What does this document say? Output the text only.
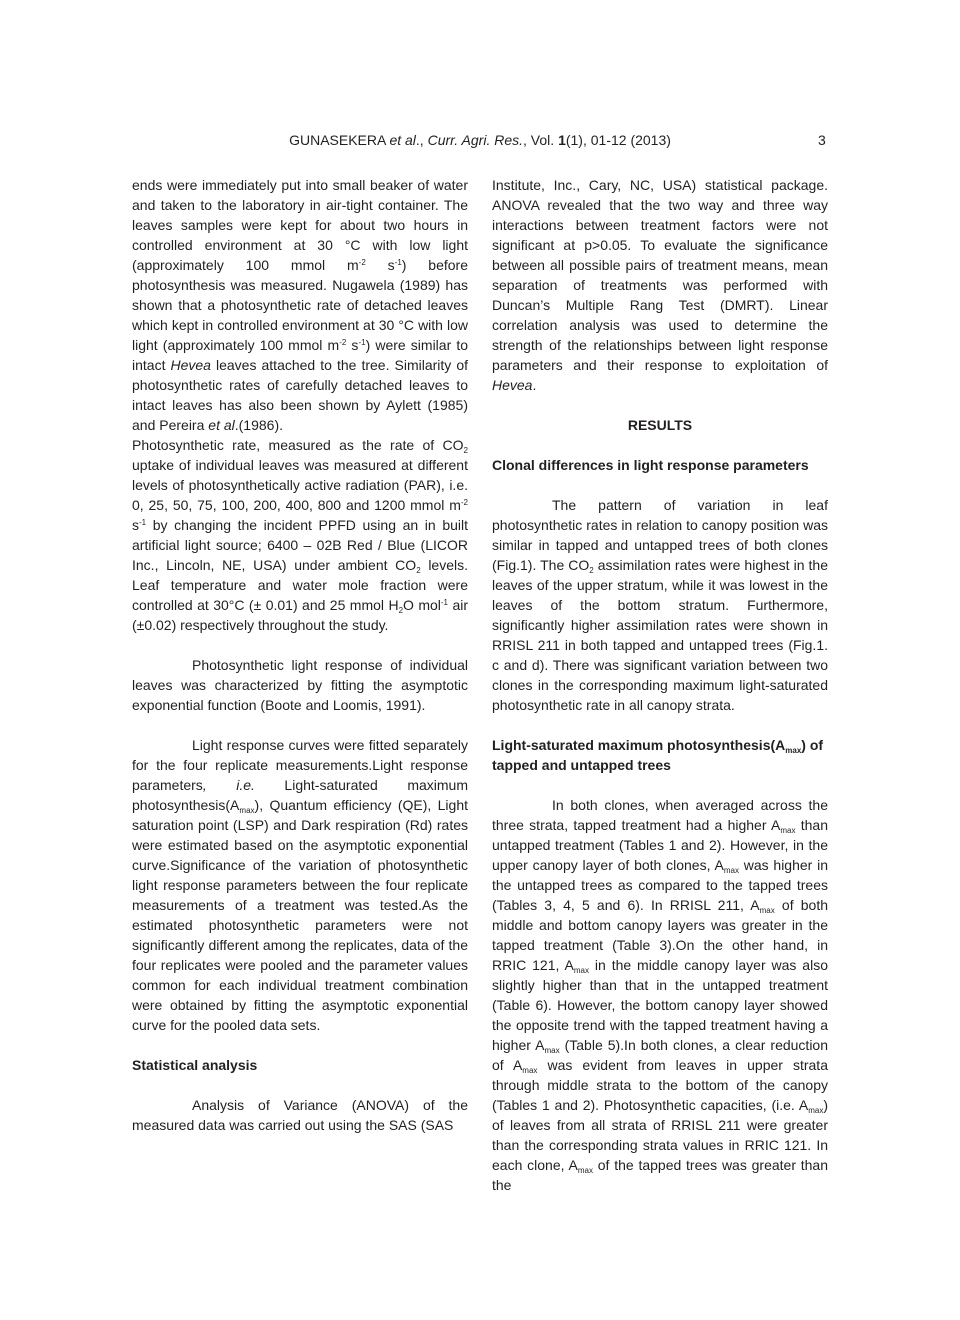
GUNASEKERA et al., Curr. Agri. Res., Vol. 1(1), 01-12 (2013)	3
ends were immediately put into small beaker of water and taken to the laboratory in air-tight container. The leaves samples were kept for about two hours in controlled environment at 30 °C with low light (approximately 100 mmol $m^{-2}$ $s^{-1}$) before photosynthesis was measured. Nugawela (1989) has shown that a photosynthetic rate of detached leaves which kept in controlled environment at 30 °C with low light (approximately 100 mmol $m^{-2}$ $s^{-1}$) were similar to intact Hevea leaves attached to the tree. Similarity of photosynthetic rates of carefully detached leaves to intact leaves has also been shown by Aylett (1985) and Pereira et al.(1986).
Photosynthetic rate, measured as the rate of $CO_2$ uptake of individual leaves was measured at different levels of photosynthetically active radiation (PAR), i.e. 0, 25, 50, 75, 100, 200, 400, 800 and 1200 mmol $m^{-2}$ $s^{-1}$ by changing the incident PPFD using an in built artificial light source; 6400 – 02B Red / Blue (LICOR Inc., Lincoln, NE, USA) under ambient $CO_2$ levels. Leaf temperature and water mole fraction were controlled at 30°C (± 0.01) and 25 mmol $H_2O$ mol$^{-1}$ air (±0.02) respectively throughout the study.
Photosynthetic light response of individual leaves was characterized by fitting the asymptotic exponential function (Boote and Loomis, 1991).
Light response curves were fitted separately for the four replicate measurements.Light response parameters, i.e. Light-saturated maximum $photosynthesis(A_{max})$, Quantum efficiency (QE), Light saturation point (LSP) and Dark respiration (Rd) rates were estimated based on the asymptotic exponential curve.Significance of the variation of photosynthetic light response parameters between the four replicate measurements of a treatment was tested.As the estimated photosynthetic parameters were not significantly different among the replicates, data of the four replicates were pooled and the parameter values common for each individual treatment combination were obtained by fitting the asymptotic exponential curve for the pooled data sets.
Statistical analysis
Analysis of Variance (ANOVA) of the measured data was carried out using the SAS (SAS
Institute, Inc., Cary, NC, USA) statistical package. ANOVA revealed that the two way and three way interactions between treatment factors were not significant at p>0.05. To evaluate the significance between all possible pairs of treatment means, mean separation of treatments was performed with Duncan’s Multiple Rang Test (DMRT). Linear correlation analysis was used to determine the strength of the relationships between light response parameters and their response to exploitation of Hevea.
RESULTS
Clonal differences in light response parameters
The pattern of variation in leaf photosynthetic rates in relation to canopy position was similar in tapped and untapped trees of both clones (Fig.1). The $CO_2$ assimilation rates were highest in the leaves of the upper stratum, while it was lowest in the leaves of the bottom stratum. Furthermore, significantly higher assimilation rates were shown in RRISL 211 in both tapped and untapped trees (Fig.1. c and d). There was significant variation between two clones in the corresponding maximum light-saturated photosynthetic rate in all canopy strata.
Light-saturated maximum $photosynthesis(A_{max})$ of tapped and untapped trees
In both clones, when averaged across the three strata, tapped treatment had a higher $A_{max}$ than untapped treatment (Tables 1 and 2). However, in the upper canopy layer of both clones, $A_{max}$ was higher in the untapped trees as compared to the tapped trees (Tables 3, 4, 5 and 6). In RRISL 211, $A_{max}$ of both middle and bottom canopy layers was greater in the tapped treatment (Table 3).On the other hand, in RRIC 121, $A_{max}$ in the middle canopy layer was also slightly higher than that in the untapped treatment (Table 6). However, the bottom canopy layer showed the opposite trend with the tapped treatment having a higher $A_{max}$ (Table 5).In both clones, a clear reduction of $A_{max}$ was evident from leaves in upper strata through middle strata to the bottom of the canopy (Tables 1 and 2). Photosynthetic capacities, (i.e. $A_{max}$) of leaves from all strata of RRISL 211 were greater than the corresponding strata values in RRIC 121. In each clone, $A_{max}$ of the tapped trees was greater than the
